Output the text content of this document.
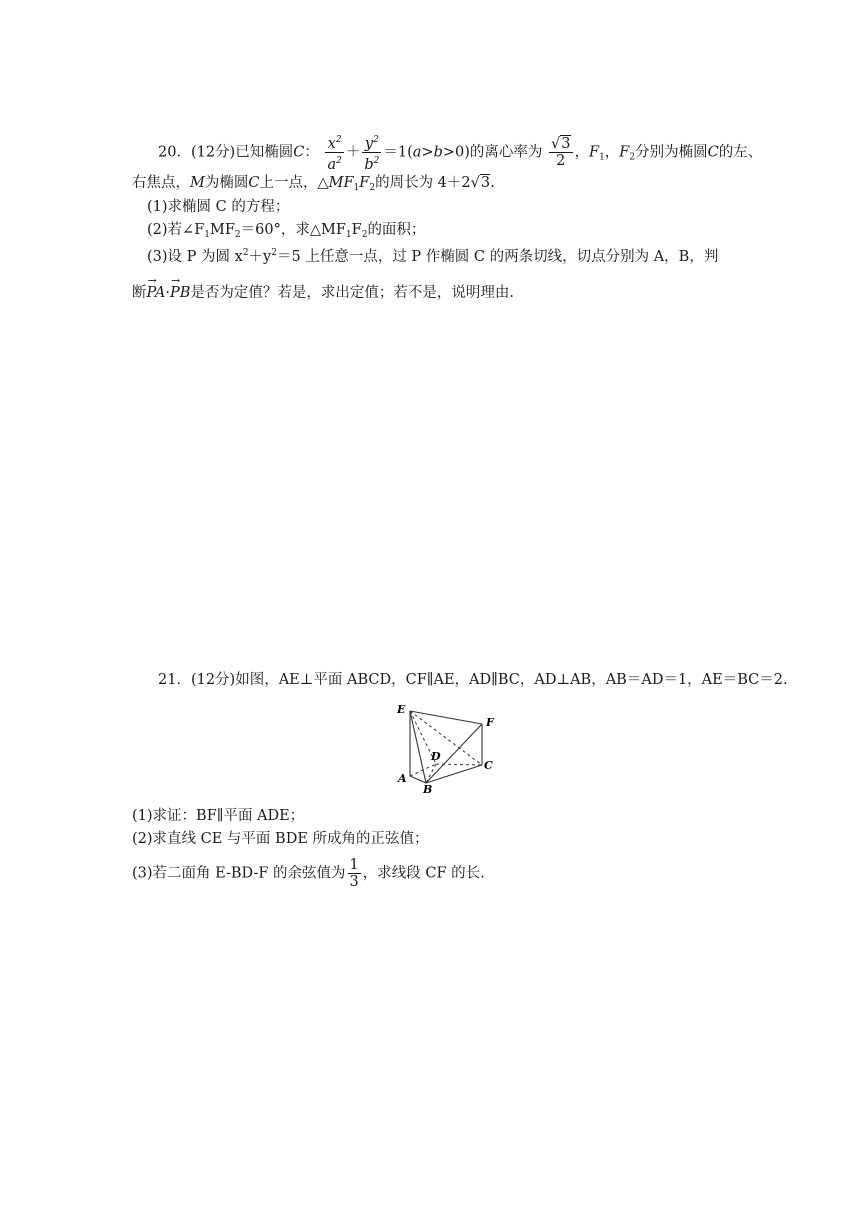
20．(12分)已知椭圆C： $\frac{x^2}{a^2} + \frac{y^2}{b^2} =1(a>b>0)$的离心率为 $\frac{√3}{2}$ ，$F_1$，$F_2$分别为椭圆C的左、
右焦点，M为椭圆C上一点，$\triangle MF_1F_2$的周长为 4＋2√3.
(1)求椭圆 C 的方程；
(2)若$\angle F_1MF_2=60^\circ$，求$\triangle MF_1F_2$的面积；
(3)设 P 为圆 $x^2+y^2=5$ 上任意一点，过 P 作椭圆 C 的两条切线，切点分别为 A，B，判
断→ PA·→ PB是否为定值？若是，求出定值；若不是，说明理由.
21．(12分)如图，AE⊥平面 ABCD，CF∥AE，AD∥BC，AD⊥AB，AB＝AD＝1，AE＝BC＝2.
E
F
D
A
B
C
(1)求证：BF∥平面 ADE；
(2)求直线 CE 与平面 BDE 所成角的正弦值；
(3)若二面角 E-BD-F 的余弦值为 $\frac{1}{3}$ ，求线段 CF 的长.
